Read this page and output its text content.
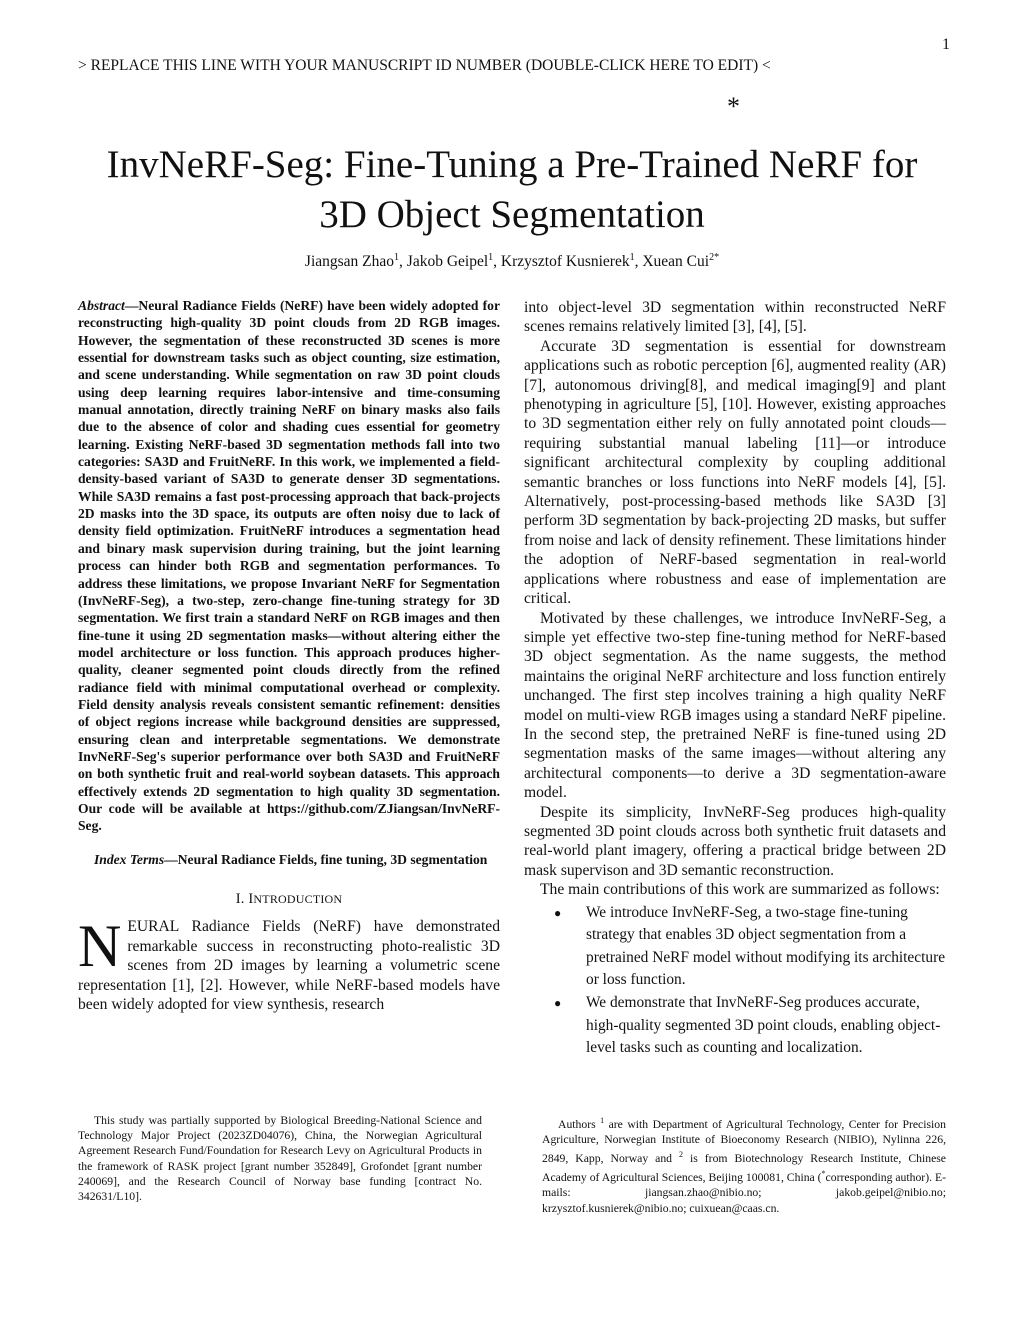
1
> REPLACE THIS LINE WITH YOUR MANUSCRIPT ID NUMBER (DOUBLE-CLICK HERE TO EDIT) <
*
InvNeRF-Seg: Fine-Tuning a Pre-Trained NeRF for
3D Object Segmentation
Jiangsan Zhao$^1$, Jakob Geipel$^1$, Krzysztof Kusnierek$^1$, Xuean Cui$^{2*}$

Abstract—Neural Radiance Fields (NeRF) have been widely adopted for reconstructing high-quality 3D point clouds from 2D RGB images. However, the segmentation of these reconstructed 3D scenes is more essential for downstream tasks such as object counting, size estimation, and scene understanding. While segmentation on raw 3D point clouds using deep learning requires labor-intensive and time-consuming manual annotation, directly training NeRF on binary masks also fails due to the absence of color and shading cues essential for geometry learning. Existing NeRF-based 3D segmentation methods fall into two categories: SA3D and FruitNeRF. In this work, we implemented a field-density-based variant of SA3D to generate denser 3D segmentations. While SA3D remains a fast post-processing approach that back-projects 2D masks into the 3D space, its outputs are often noisy due to lack of density field optimization. FruitNeRF introduces a segmentation head and binary mask supervision during training, but the joint learning process can hinder both RGB and segmentation performances. To address these limitations, we propose Invariant NeRF for Segmentation (InvNeRF-Seg), a two-step, zero-change fine-tuning strategy for 3D segmentation. We first train a standard NeRF on RGB images and then fine-tune it using 2D segmentation masks—without altering either the model architecture or loss function. This approach produces higher-quality, cleaner segmented point clouds directly from the refined radiance field with minimal computational overhead or complexity. Field density analysis reveals consistent semantic refinement: densities of object regions increase while background densities are suppressed, ensuring clean and interpretable segmentations. We demonstrate InvNeRF-Seg's superior performance over both SA3D and FruitNeRF on both synthetic fruit and real-world soybean datasets. This approach effectively extends 2D segmentation to high quality 3D segmentation. Our code will be available at https://github.com/ZJiangsan/InvNeRF-Seg.

Index Terms—Neural Radiance Fields, fine tuning, 3D segmentation

I. INTRODUCTION

NEURAL Radiance Fields (NeRF) have demonstrated remarkable success in reconstructing photo-realistic 3D scenes from 2D images by learning a volumetric scene representation [1], [2]. However, while NeRF-based models have been widely adopted for view synthesis, research

into object-level 3D segmentation within reconstructed NeRF scenes remains relatively limited [3], [4], [5].

Accurate 3D segmentation is essential for downstream applications such as robotic perception [6], augmented reality (AR)[7], autonomous driving[8], and medical imaging[9] and plant phenotyping in agriculture [5], [10]. However, existing approaches to 3D segmentation either rely on fully annotated point clouds—requiring substantial manual labeling [11]—or introduce significant architectural complexity by coupling additional semantic branches or loss functions into NeRF models [4], [5]. Alternatively, post-processing-based methods like SA3D [3] perform 3D segmentation by back-projecting 2D masks, but suffer from noise and lack of density refinement. These limitations hinder the adoption of NeRF-based segmentation in real-world applications where robustness and ease of implementation are critical.

Motivated by these challenges, we introduce InvNeRF-Seg, a simple yet effective two-step fine-tuning method for NeRF-based 3D object segmentation. As the name suggests, the method maintains the original NeRF architecture and loss function entirely unchanged. The first step incolves training a high quality NeRF model on multi-view RGB images using a standard NeRF pipeline. In the second step, the pretrained NeRF is fine-tuned using 2D segmentation masks of the same images—without altering any architectural components—to derive a 3D segmentation-aware model.

Despite its simplicity, InvNeRF-Seg produces high-quality segmented 3D point clouds across both synthetic fruit datasets and real-world plant imagery, offering a practical bridge between 2D mask supervison and 3D semantic reconstruction.

The main contributions of this work are summarized as follows:

● We introduce InvNeRF-Seg, a two-stage fine-tuning strategy that enables 3D object segmentation from a pretrained NeRF model without modifying its architecture or loss function.
● We demonstrate that InvNeRF-Seg produces accurate, high-quality segmented 3D point clouds, enabling object-level tasks such as counting and localization.
This study was partially supported by Biological Breeding-National Science and Technology Major Project (2023ZD04076), China, the Norwegian Agricultural Agreement Research Fund/Foundation for Research Levy on Agricultural Products in the framework of RASK project [grant number 352849], Grofondet [grant number 240069], and the Research Council of Norway base funding [contract No. 342631/L10].
Authors $^1$ are with Department of Agricultural Technology, Center for Precision Agriculture, Norwegian Institute of Bioeconomy Research (NIBIO), Nylinna 226, 2849, Kapp, Norway and $^2$ is from Biotechnology Research Institute, Chinese Academy of Agricultural Sciences, Beijing 100081, China (*corresponding author). E-mails: jiangsan.zhao@nibio.no; jakob.geipel@nibio.no; krzysztof.kusnierek@nibio.no; cuixuean@caas.cn.
